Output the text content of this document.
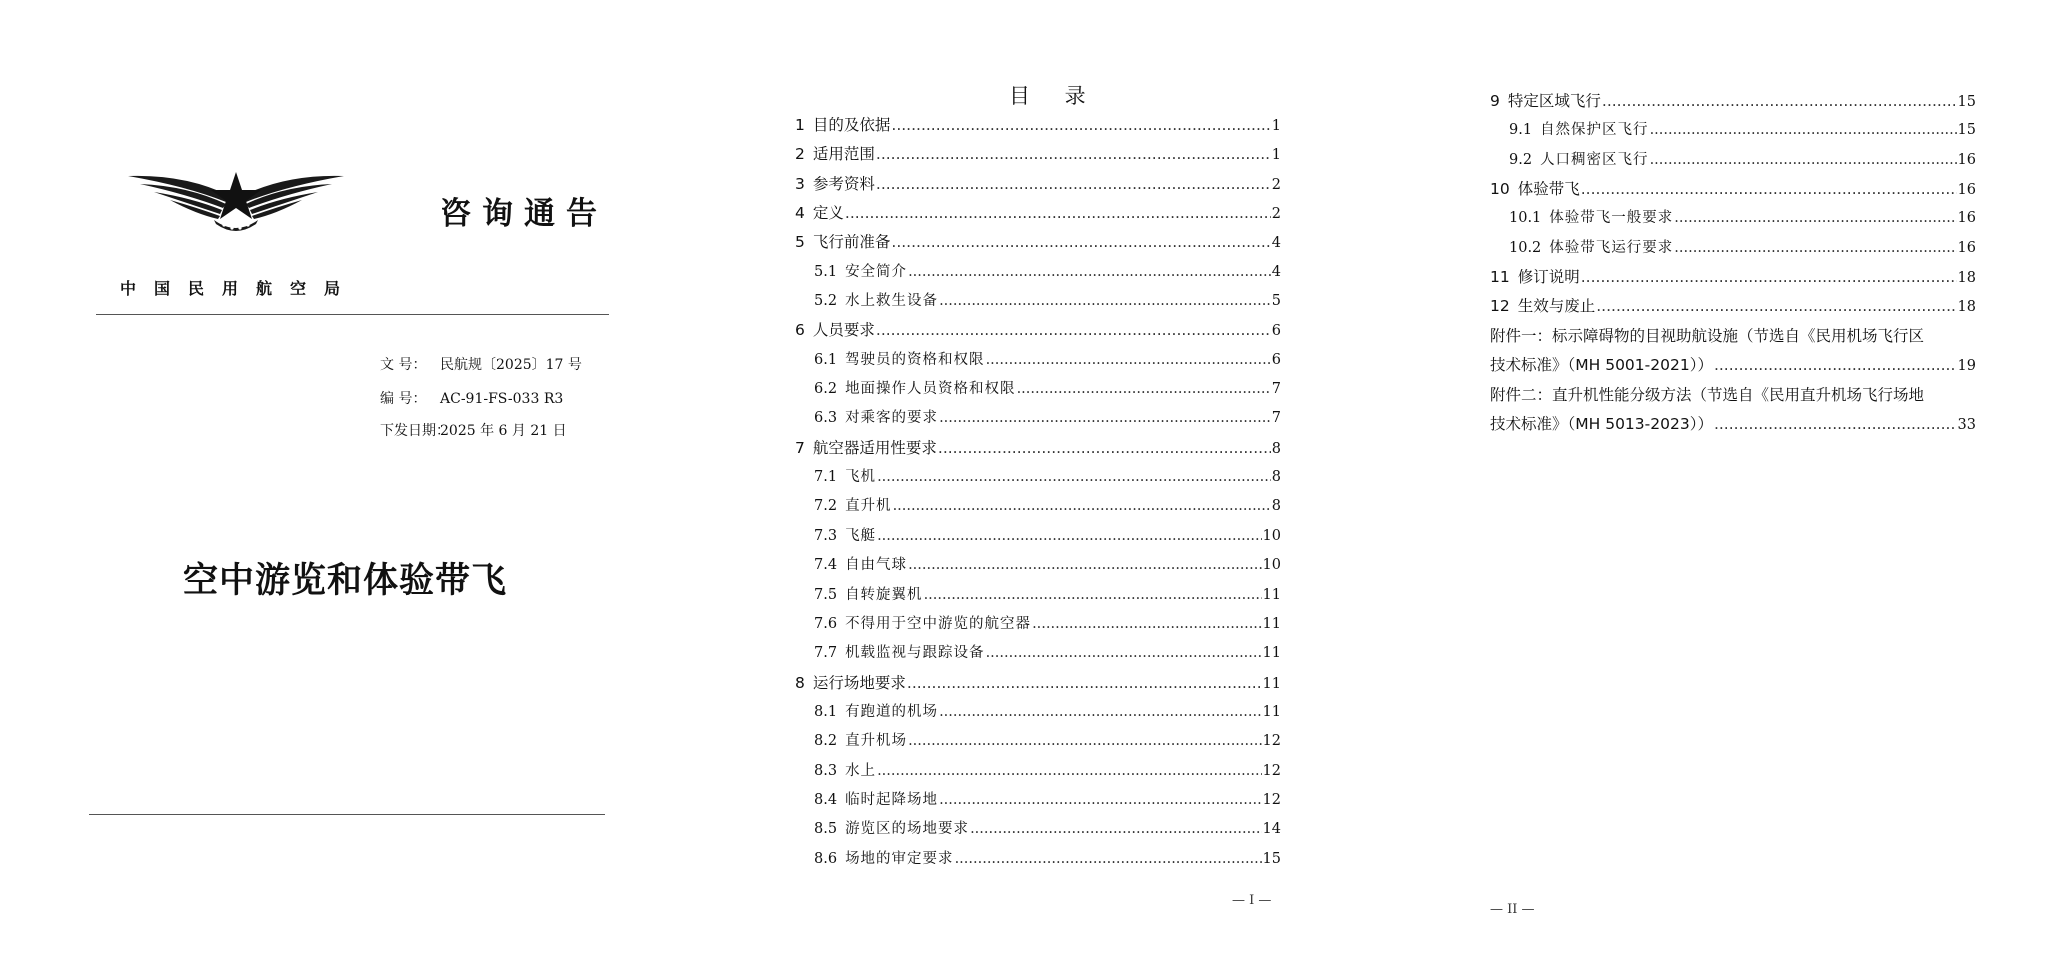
咨询通告
中国民用航空局
文 号： 民航规〔2025〕17 号
编 号： AC-91-FS-033 R3
下发日期：2025 年 6 月 21 日
空中游览和体验带飞
目 录
1 目的及依据 .....	1
2 适用范围 .....	1
3 参考资料 .....	2
4 定义 .....	2
5 飞行前准备 .....	4
5.1 安全简介 .....	4
5.2 水上救生设备 .....	5
6 人员要求 .....	6
6.1 驾驶员的资格和权限 .....	6
6.2 地面操作人员资格和权限 .....	7
6.3 对乘客的要求 .....	7
7 航空器适用性要求 .....	8
7.1 飞机 .....	8
7.2 直升机 .....	8
7.3 飞艇 .....	10
7.4 自由气球 .....	10
7.5 自转旋翼机 .....	11
7.6 不得用于空中游览的航空器 .....	11
7.7 机载监视与跟踪设备 .....	11
8 运行场地要求 .....	11
8.1 有跑道的机场 .....	11
8.2 直升机场 .....	12
8.3 水上 .....	12
8.4 临时起降场地 .....	12
8.5 游览区的场地要求 .....	14
8.6 场地的审定要求 .....	15
— I —
9 特定区域飞行 .....	15
9.1 自然保护区飞行 .....	15
9.2 人口稠密区飞行 .....	16
10 体验带飞 .....	16
10.1 体验带飞一般要求 .....	16
10.2 体验带飞运行要求 .....	16
11 修订说明 .....	18
12 生效与废止 .....	18
附件一：标示障碍物的目视助航设施（节选自《民用机场飞行区
技术标准》（MH 5001-2021）） .....	19
附件二：直升机性能分级方法（节选自《民用直升机场飞行场地
技术标准》（MH 5013-2023）） .....	33
— II —
